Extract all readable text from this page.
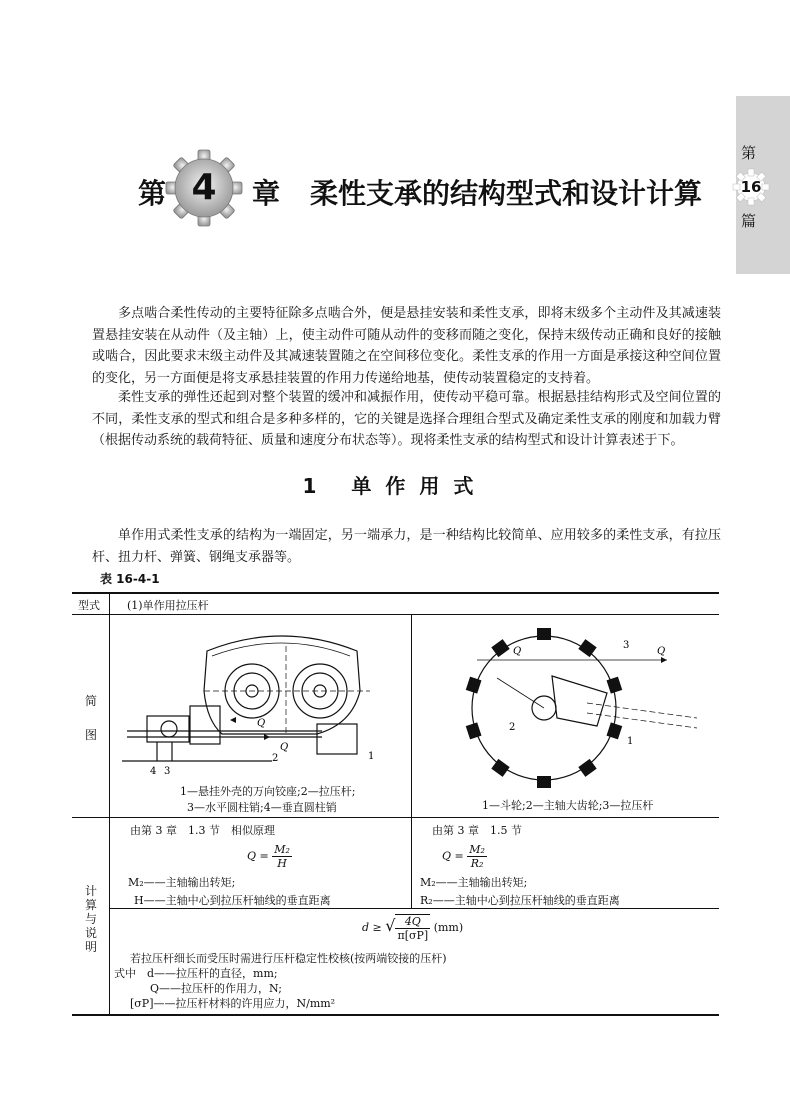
第
16
篇
第 4	章 柔性支承的结构型式和设计计算
多点啮合柔性传动的主要特征除多点啮合外，便是悬挂安装和柔性支承，即将末级多个主动件及其减速装置悬挂安装在从动件（及主轴）上，使主动件可随从动件的变移而随之变化，保持末级传动正确和良好的接触或啮合，因此要求末级主动件及其减速装置随之在空间移位变化。柔性支承的作用一方面是承接这种空间位置的变化，另一方面便是将支承悬挂装置的作用力传递给地基，使传动装置稳定的支持着。
柔性支承的弹性还起到对整个装置的缓冲和减振作用，使传动平稳可靠。根据悬挂结构形式及空间位置的不同，柔性支承的型式和组合是多种多样的，它的关键是选择合理组合型式及确定柔性支承的刚度和加载力臂（根据传动系统的载荷特征、质量和速度分布状态等）。现将柔性支承的结构型式和设计计算表述于下。
1 单作用式
单作用式柔性支承的结构为一端固定，另一端承力，是一种结构比较简单、应用较多的柔性支承，有拉压杆、扭力杆、弹簧、钢绳支承器等。
表 16-4-1
型式 (1)单作用拉压杆
简
图
Q
2
Q
1
4 3
1—悬挂外壳的万向铰座;2—拉压杆;
3—水平圆柱销;4—垂直圆柱销
Q
3
Q
2
1
1—斗轮;2—主轴大齿轮;3—拉压杆
计
算
与
说
明
由第 3 章　1.3 节　相似原理
$Q = \frac{\text{M₂}}{H}$
M₂——主轴输出转矩;
H——主轴中心到拉压杆轴线的垂直距离
由第 3 章　1.5 节
$Q = \frac{\text{M₂}}{\text{R₂}}$
M₂——主轴输出转矩;
R₂——主轴中心到拉压杆轴线的垂直距离
d ≥ √ $\frac{4Q}{\pi[\sigma P]} (mm)$
若拉压杆细长而受压时需进行压杆稳定性校核(按两端铰接的压杆)
式中　d——拉压杆的直径，mm;
Q——拉压杆的作用力，N;
[σP]——拉压杆材料的许用应力，N/mm²
